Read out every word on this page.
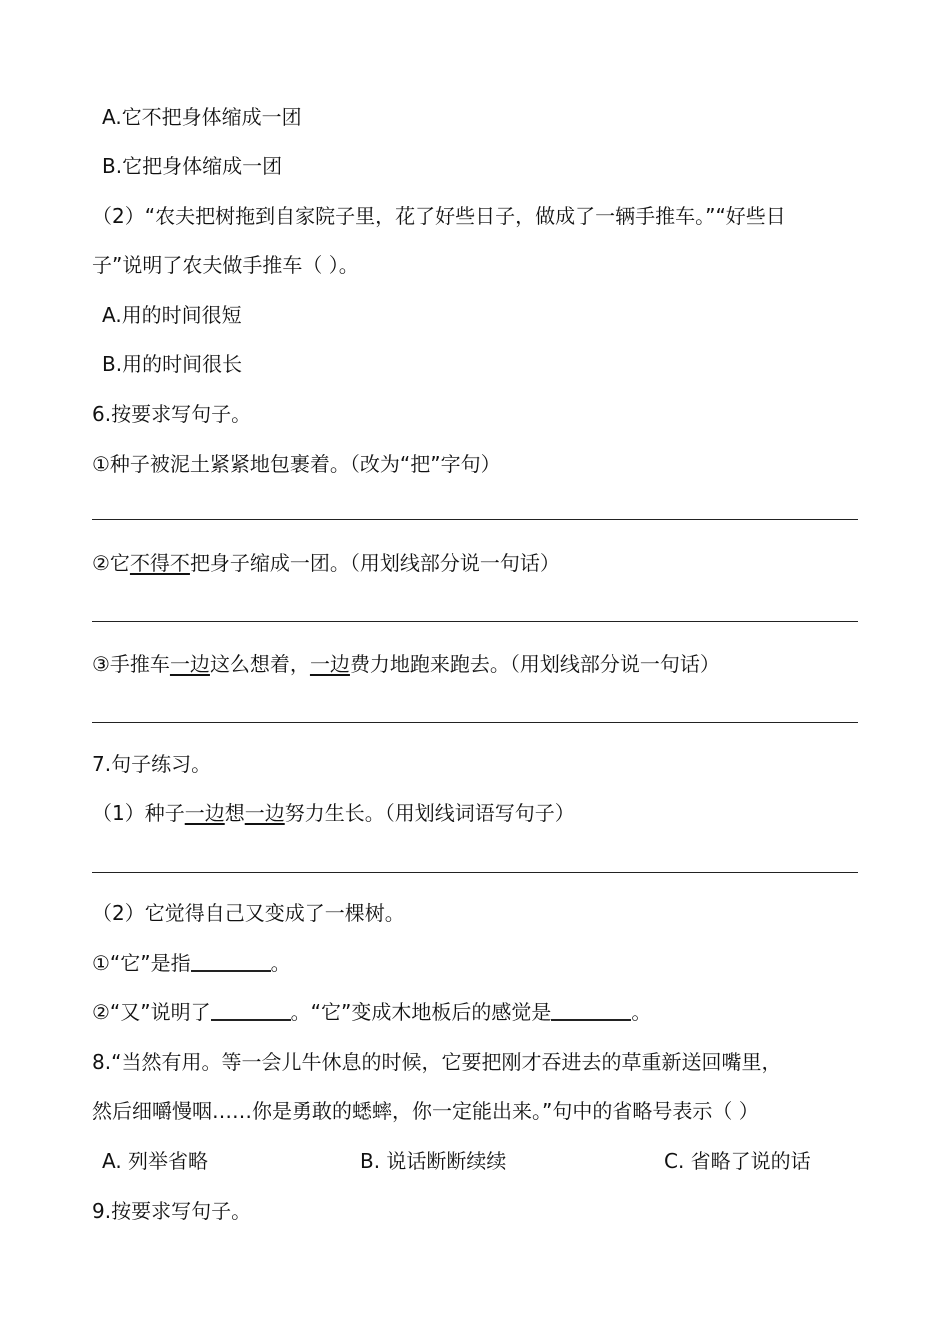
A.它不把身体缩成一团
B.它把身体缩成一团
（2）“农夫把树拖到自家院子里，花了好些日子，做成了一辆手推车。”“好些日
子”说明了农夫做手推车（ ）。
A.用的时间很短
B.用的时间很长
6.按要求写句子。
①种子被泥土紧紧地包裹着。（改为“把”字句）
②它不得不把身子缩成一团。（用划线部分说一句话）
③手推车一边这么想着，一边费力地跑来跑去。（用划线部分说一句话）
7.句子练习。
（1）种子一边想一边努力生长。（用划线词语写句子）
（2）它觉得自己又变成了一棵树。
①“它”是指	。
②“又”说明了	。“它”变成木地板后的感觉是	。
8.“当然有用。等一会儿牛休息的时候，它要把刚才吞进去的草重新送回嘴里，
然后细嚼慢咽……你是勇敢的蟋蟀，你一定能出来。”句中的省略号表示（ ）
A. 列举省略	B. 说话断断续续	C. 省略了说的话
9.按要求写句子。
